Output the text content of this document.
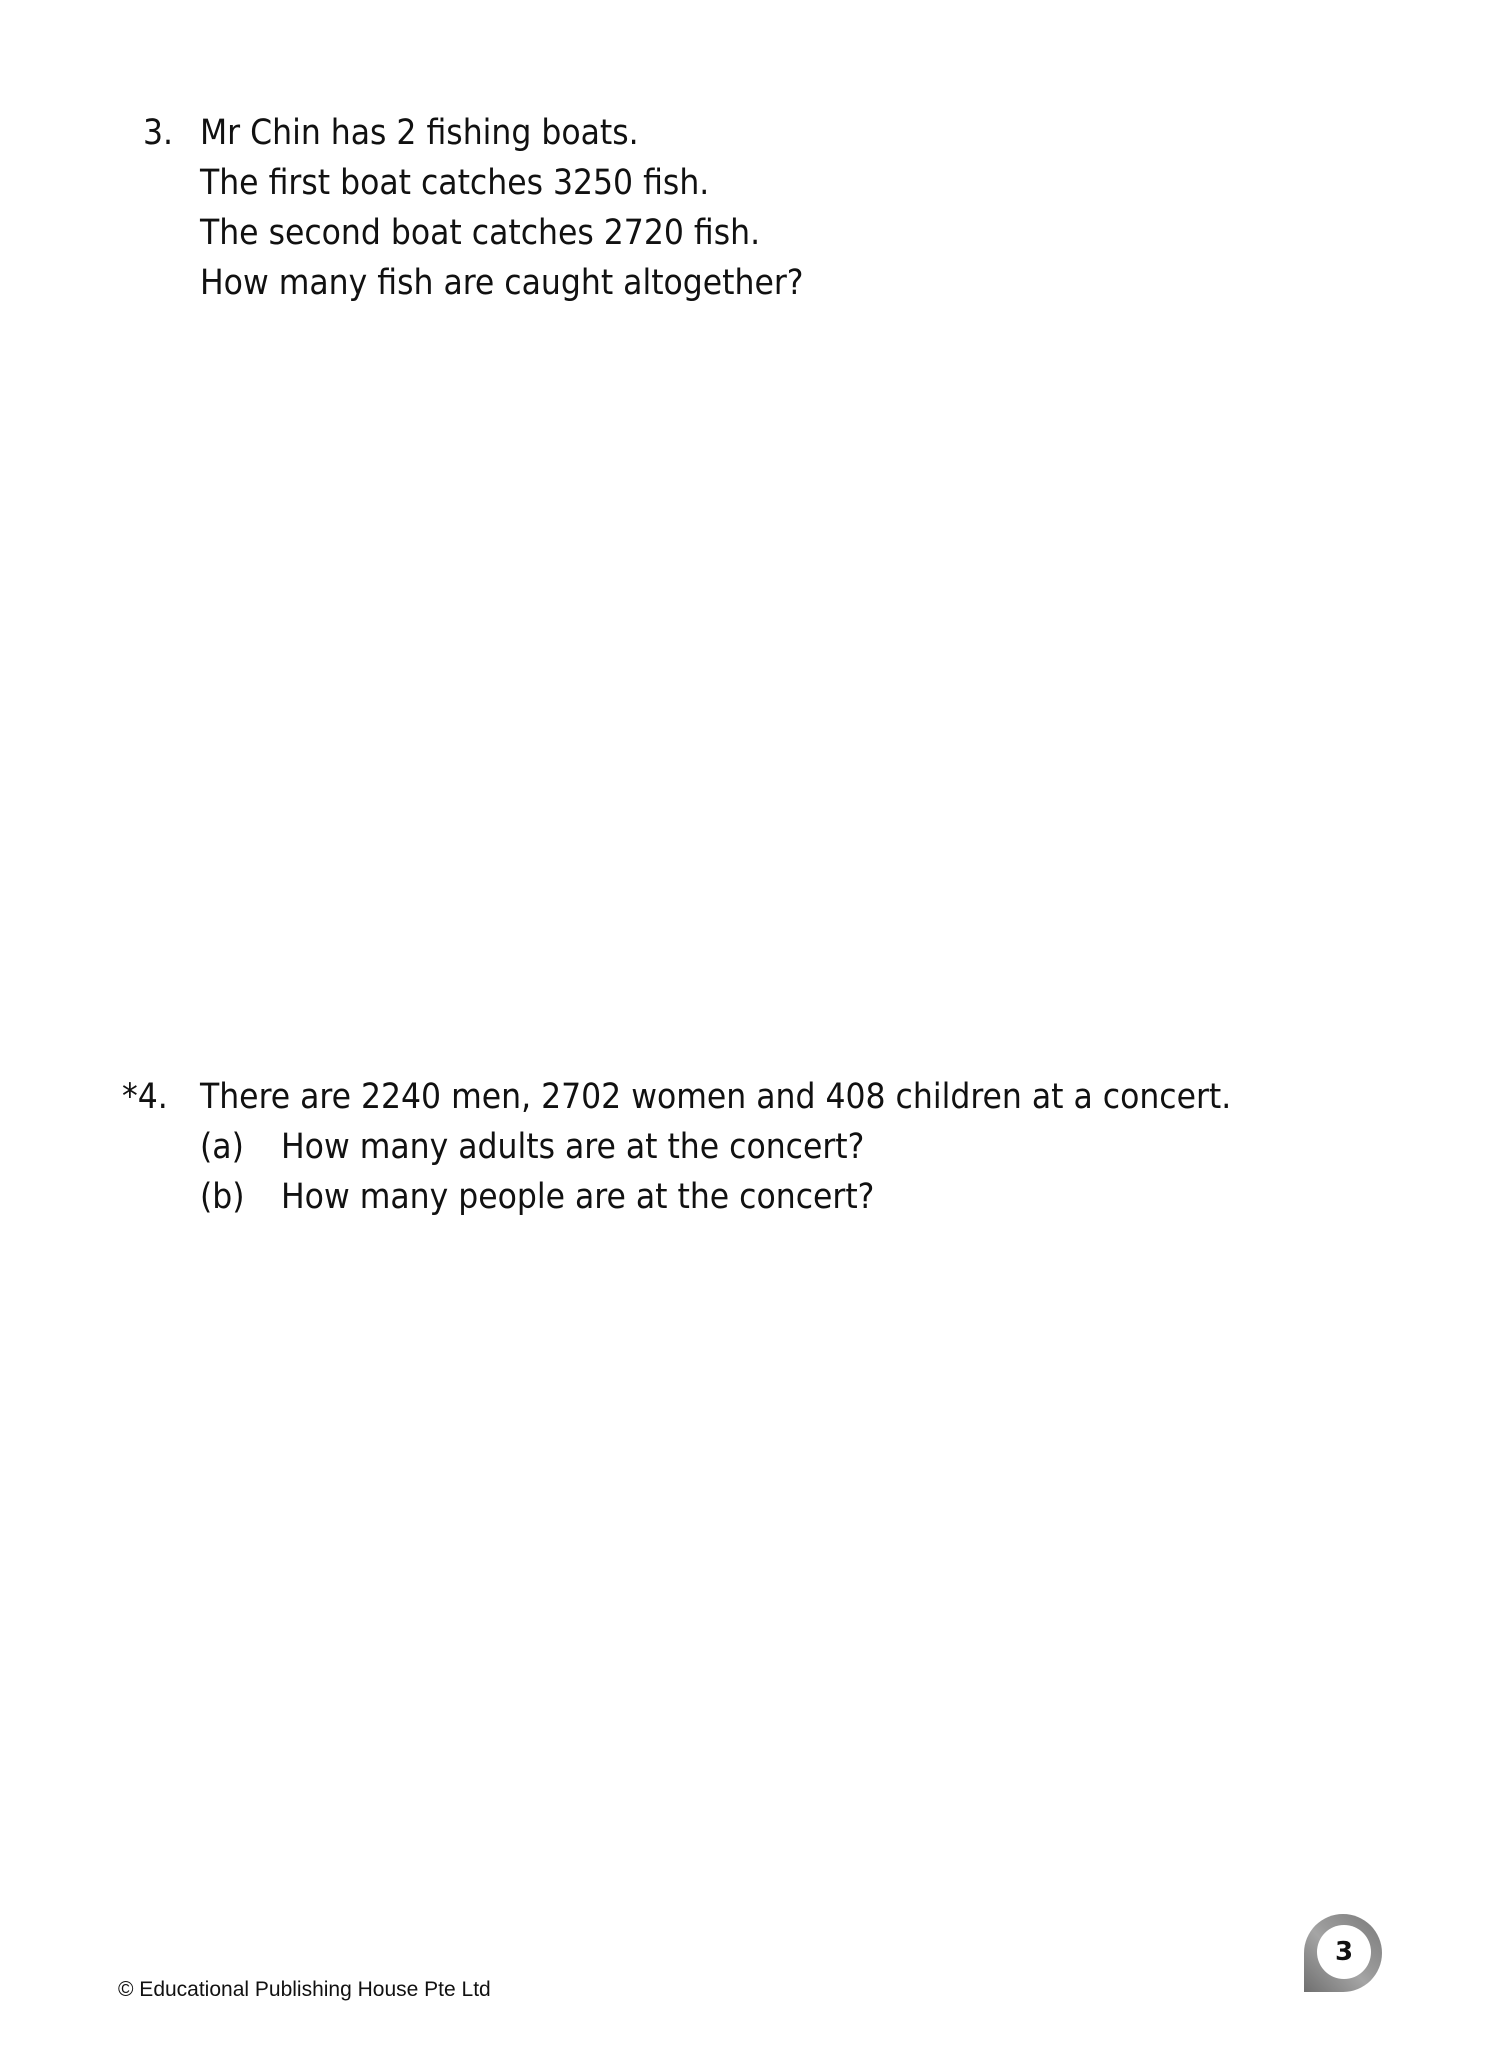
3. Mr Chin has 2 fishing boats.
The first boat catches 3250 fish.
The second boat catches 2720 fish.
How many fish are caught altogether?
*4. There are 2240 men, 2702 women and 408 children at a concert.
(a) How many adults are at the concert?
(b) How many people are at the concert?
© Educational Publishing House Pte Ltd
3
